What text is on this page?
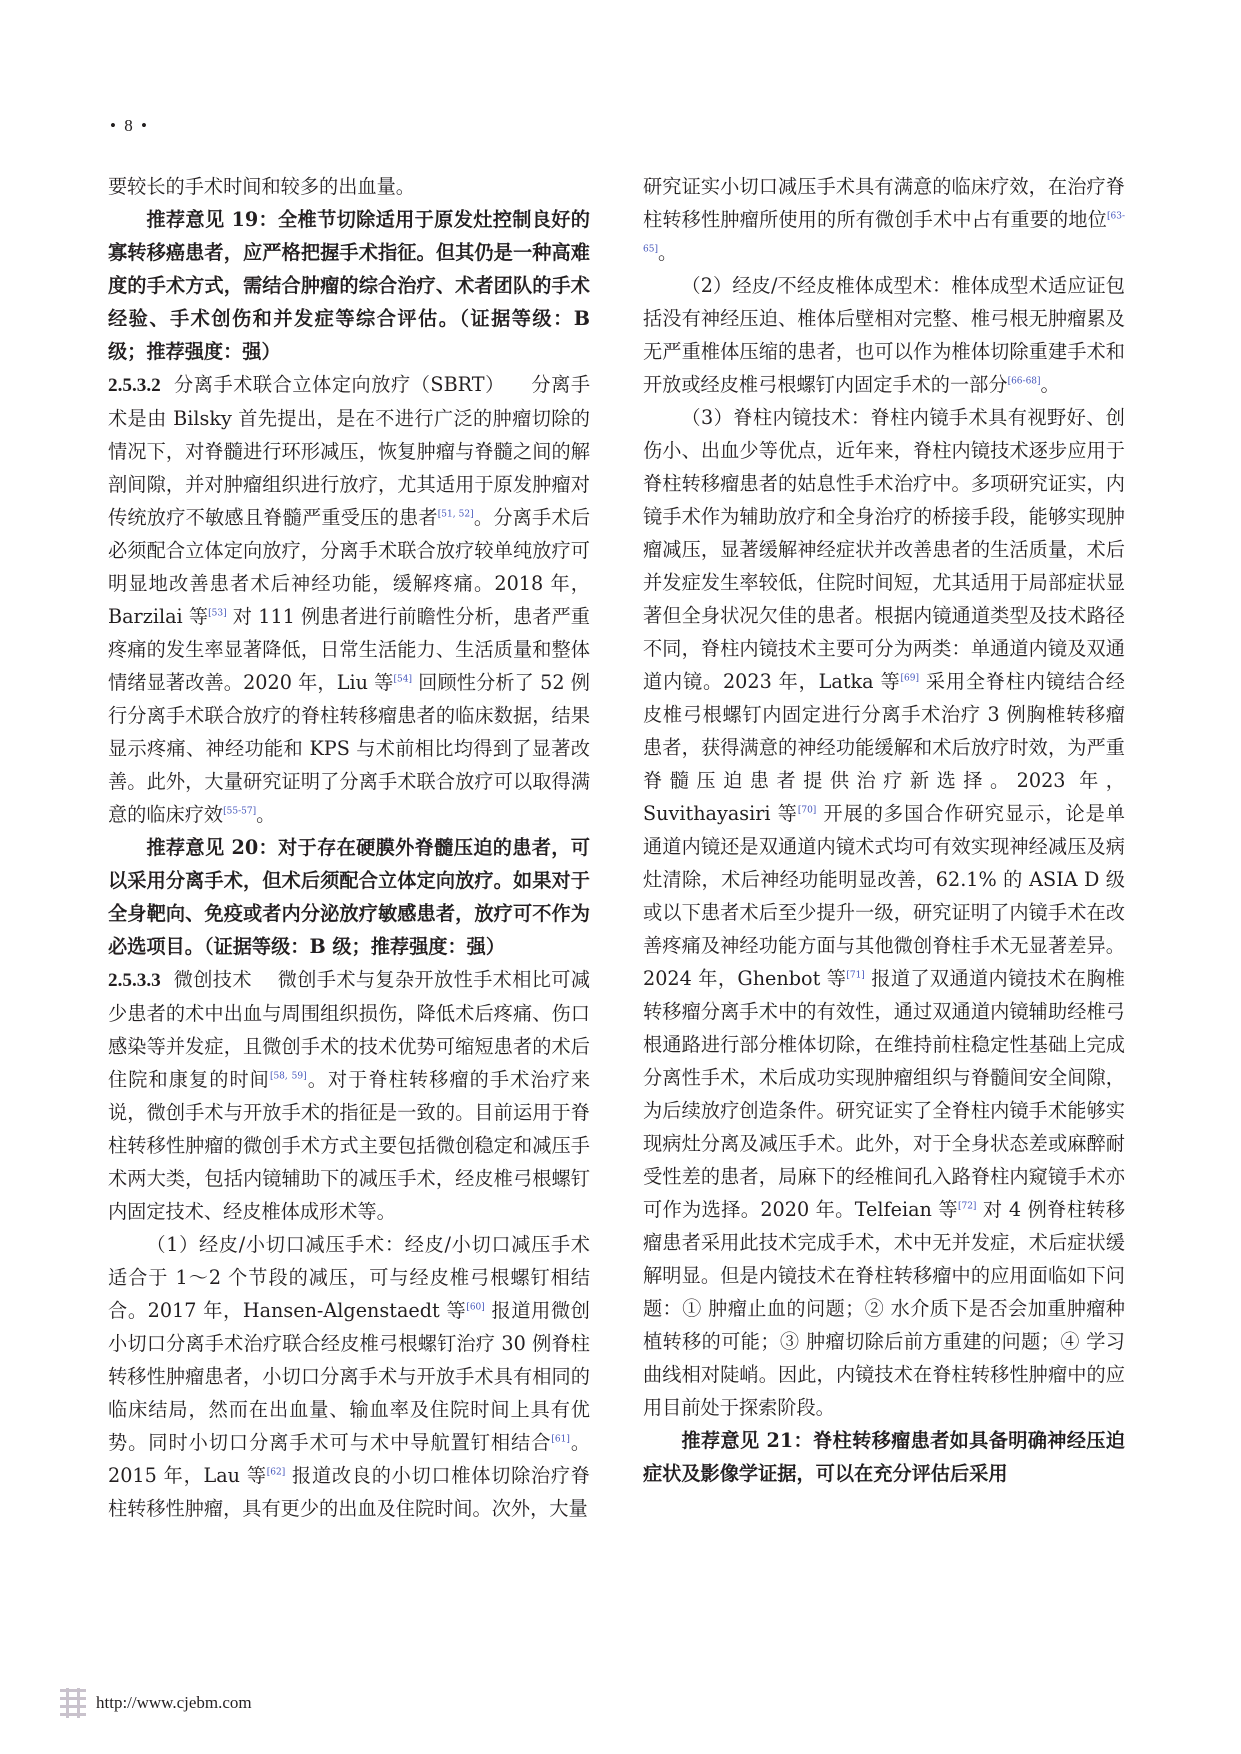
• 8 •

要较长的手术时间和较多的出血量。

推荐意见 19：全椎节切除适用于原发灶控制良好的寡转移癌患者，应严格把握手术指征。但其仍是一种高难度的手术方式，需结合肿瘤的综合治疗、术者团队的手术经验、手术创伤和并发症等综合评估。（证据等级：B 级；推荐强度：强）

2.5.3.2 分离手术联合立体定向放疗（SBRT） 分离手术是由 Bilsky 首先提出，是在不进行广泛的肿瘤切除的情况下，对脊髓进行环形减压，恢复肿瘤与脊髓之间的解剖间隙，并对肿瘤组织进行放疗，尤其适用于原发肿瘤对传统放疗不敏感且脊髓严重受压的患者[51, 52]。分离手术后必须配合立体定向放疗，分离手术联合放疗较单纯放疗可明显地改善患者术后神经功能，缓解疼痛。2018 年，Barzilai 等[53] 对 111 例患者进行前瞻性分析，患者严重疼痛的发生率显著降低，日常生活能力、生活质量和整体情绪显著改善。2020 年，Liu 等[54] 回顾性分析了 52 例行分离手术联合放疗的脊柱转移瘤患者的临床数据，结果显示疼痛、神经功能和 KPS 与术前相比均得到了显著改善。此外，大量研究证明了分离手术联合放疗可以取得满意的临床疗效[55-57]。

推荐意见 20：对于存在硬膜外脊髓压迫的患者，可以采用分离手术，但术后须配合立体定向放疗。如果对于全身靶向、免疫或者内分泌放疗敏感患者，放疗可不作为必选项目。（证据等级：B 级；推荐强度：强）

2.5.3.3 微创技术 微创手术与复杂开放性手术相比可减少患者的术中出血与周围组织损伤，降低术后疼痛、伤口感染等并发症，且微创手术的技术优势可缩短患者的术后住院和康复的时间[58, 59]。对于脊柱转移瘤的手术治疗来说，微创手术与开放手术的指征是一致的。目前运用于脊柱转移性肿瘤的微创手术方式主要包括微创稳定和减压手术两大类，包括内镜辅助下的减压手术，经皮椎弓根螺钉内固定技术、经皮椎体成形术等。

（1）经皮/小切口减压手术：经皮/小切口减压手术适合于 1～2 个节段的减压，可与经皮椎弓根螺钉相结合。2017 年，Hansen-Algenstaedt 等[60] 报道用微创小切口分离手术治疗联合经皮椎弓根螺钉治疗 30 例脊柱转移性肿瘤患者，小切口分离手术与开放手术具有相同的临床结局，然而在出血量、输血率及住院时间上具有优势。同时小切口分离手术可与术中导航置钉相结合[61]。2015 年，Lau 等[62] 报道改良的小切口椎体切除治疗脊柱转移性肿瘤，具有更少的出血及住院时间。次外，大量

研究证实小切口减压手术具有满意的临床疗效，在治疗脊柱转移性肿瘤所使用的所有微创手术中占有重要的地位[63-65]。

（2）经皮/不经皮椎体成型术：椎体成型术适应证包括没有神经压迫、椎体后壁相对完整、椎弓根无肿瘤累及无严重椎体压缩的患者，也可以作为椎体切除重建手术和开放或经皮椎弓根螺钉内固定手术的一部分[66-68]。

（3）脊柱内镜技术：脊柱内镜手术具有视野好、创伤小、出血少等优点，近年来，脊柱内镜技术逐步应用于脊柱转移瘤患者的姑息性手术治疗中。多项研究证实，内镜手术作为辅助放疗和全身治疗的桥接手段，能够实现肿瘤减压，显著缓解神经症状并改善患者的生活质量，术后并发症发生率较低，住院时间短，尤其适用于局部症状显著但全身状况欠佳的患者。根据内镜通道类型及技术路径不同，脊柱内镜技术主要可分为两类：单通道内镜及双通道内镜。2023 年，Latka 等[69] 采用全脊柱内镜结合经皮椎弓根螺钉内固定进行分离手术治疗 3 例胸椎转移瘤患者，获得满意的神经功能缓解和术后放疗时效，为严重脊髓压迫患者提供治疗新选择。2023 年，Suvithayasiri 等[70] 开展的多国合作研究显示，论是单通道内镜还是双通道内镜术式均可有效实现神经减压及病灶清除，术后神经功能明显改善，62.1% 的 ASIA D 级或以下患者术后至少提升一级，研究证明了内镜手术在改善疼痛及神经功能方面与其他微创脊柱手术无显著差异。2024 年，Ghenbot 等[71] 报道了双通道内镜技术在胸椎转移瘤分离手术中的有效性，通过双通道内镜辅助经椎弓根通路进行部分椎体切除，在维持前柱稳定性基础上完成分离性手术，术后成功实现肿瘤组织与脊髓间安全间隙，为后续放疗创造条件。研究证实了全脊柱内镜手术能够实现病灶分离及减压手术。此外，对于全身状态差或麻醉耐受性差的患者，局麻下的经椎间孔入路脊柱内窥镜手术亦可作为选择。2020 年。Telfeian 等[72] 对 4 例脊柱转移瘤患者采用此技术完成手术，术中无并发症，术后症状缓解明显。但是内镜技术在脊柱转移瘤中的应用面临如下问题：① 肿瘤止血的问题；② 水介质下是否会加重肿瘤种植转移的可能；③ 肿瘤切除后前方重建的问题；④ 学习曲线相对陡峭。因此，内镜技术在脊柱转移性肿瘤中的应用目前处于探索阶段。

推荐意见 21：脊柱转移瘤患者如具备明确神经压迫症状及影像学证据，可以在充分评估后采用

http://www.cjebm.com
